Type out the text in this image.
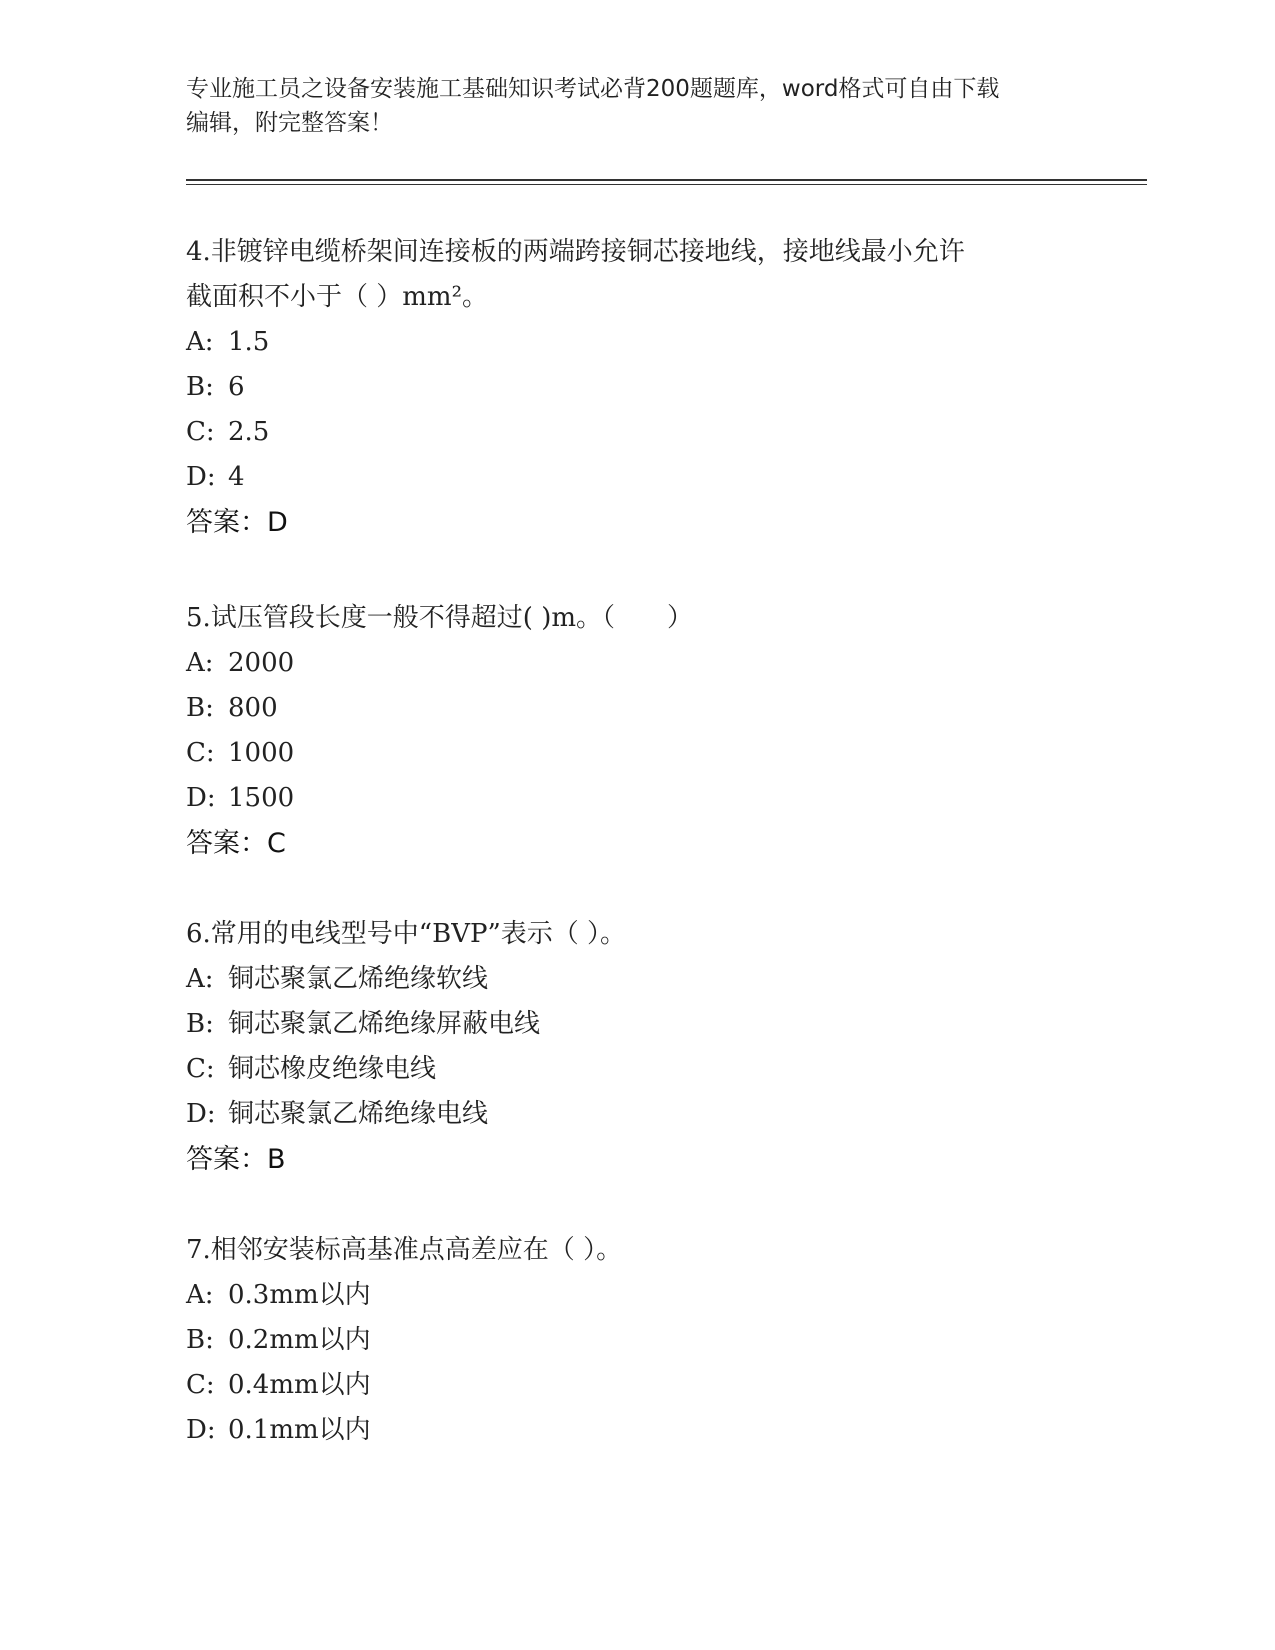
专业施工员之设备安装施工基础知识考试必背200题题库，word格式可自由下载
编辑，附完整答案！

4.非镀锌电缆桥架间连接板的两端跨接铜芯接地线，接地线最小允许

截面积不小于（ ）mm²。

A: 1.5

B: 6

C: 2.5

D: 4

答案：D

5.试压管段长度一般不得超过( )m。（　　）

A: 2000

B: 800

C: 1000

D: 1500

答案：C

6.常用的电线型号中“BVP”表示（ ）。

A: 铜芯聚氯乙烯绝缘软线

B: 铜芯聚氯乙烯绝缘屏蔽电线

C: 铜芯橡皮绝缘电线

D: 铜芯聚氯乙烯绝缘电线

答案：B

7.相邻安装标高基准点高差应在（ ）。

A: 0.3mm以内

B: 0.2mm以内

C: 0.4mm以内

D: 0.1mm以内
